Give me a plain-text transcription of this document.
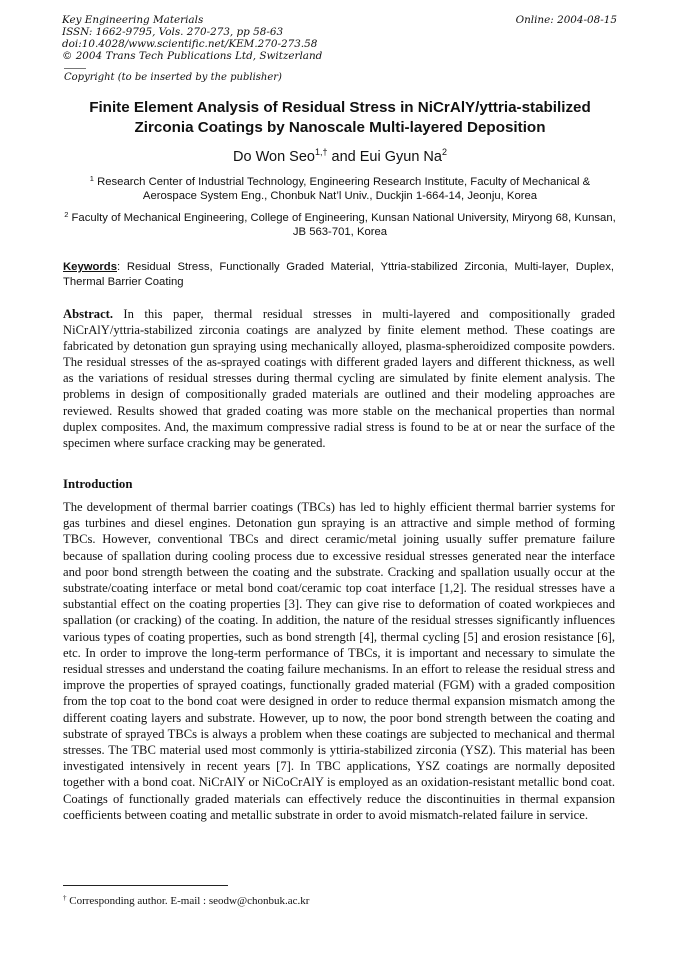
Key Engineering Materials
ISSN: 1662-9795, Vols. 270-273, pp 58-63
doi:10.4028/www.scientific.net/KEM.270-273.58
© 2004 Trans Tech Publications Ltd, Switzerland
Online: 2004-08-15
Copyright (to be inserted by the publisher)
Finite Element Analysis of Residual Stress in NiCrAlY/yttria-stabilized Zirconia Coatings by Nanoscale Multi-layered Deposition
Do Won Seo$^{1,\dagger}$ and Eui Gyun Na$^2$
$^1$ Research Center of Industrial Technology, Engineering Research Institute, Faculty of Mechanical & Aerospace System Eng., Chonbuk Nat’l Univ., Duckjin 1-664-14, Jeonju, Korea
$^2$ Faculty of Mechanical Engineering, College of Engineering, Kunsan National University, Miryong 68, Kunsan, JB 563-701, Korea
Keywords: Residual Stress, Functionally Graded Material, Yttria-stabilized Zirconia, Multi-layer, Duplex, Thermal Barrier Coating
Abstract. In this paper, thermal residual stresses in multi-layered and compositionally graded NiCrAlY/yttria-stabilized zirconia coatings are analyzed by finite element method. These coatings are fabricated by detonation gun spraying using mechanically alloyed, plasma-spheroidized composite powders. The residual stresses of the as-sprayed coatings with different graded layers and different thickness, as well as the variations of residual stresses during thermal cycling are simulated by finite element analysis. The problems in design of compositionally graded materials are outlined and their modeling approaches are reviewed. Results showed that graded coating was more stable on the mechanical properties than normal duplex composites. And, the maximum compressive radial stress is found to be at or near the surface of the specimen where surface cracking may be generated.
Introduction
The development of thermal barrier coatings (TBCs) has led to highly efficient thermal barrier systems for gas turbines and diesel engines. Detonation gun spraying is an attractive and simple method of forming TBCs. However, conventional TBCs and direct ceramic/metal joining usually suffer premature failure because of spallation during cooling process due to excessive residual stresses generated near the interface and poor bond strength between the coating and the substrate. Cracking and spallation usually occur at the substrate/coating interface or metal bond coat/ceramic top coat interface [1,2]. The residual stresses have a substantial effect on the coating properties [3]. They can give rise to deformation of coated workpieces and spallation (or cracking) of the coating. In addition, the nature of the residual stresses significantly influences various types of coating properties, such as bond strength [4], thermal cycling [5] and erosion resistance [6], etc. In order to improve the long-term performance of TBCs, it is important and necessary to simulate the residual stresses and understand the coating failure mechanisms. In an effort to release the residual stress and improve the properties of sprayed coatings, functionally graded material (FGM) with a graded composition from the top coat to the bond coat were designed in order to reduce thermal expansion mismatch among the different coating layers and substrate. However, up to now, the poor bond strength between the coating and substrate of sprayed TBCs is always a problem when these coatings are subjected to mechanical and thermal stresses. The TBC material used most commonly is yttiria-stabilized zirconia (YSZ). This material has been investigated intensively in recent years [7]. In TBC applications, YSZ coatings are normally deposited together with a bond coat. NiCrAlY or NiCoCrAlY is employed as an oxidation-resistant metallic bond coat. Coatings of functionally graded materials can effectively reduce the discontinuities in thermal expansion coefficients between coating and metallic substrate in order to avoid mismatch-related failure in service.
† Corresponding author. E-mail : seodw@chonbuk.ac.kr
